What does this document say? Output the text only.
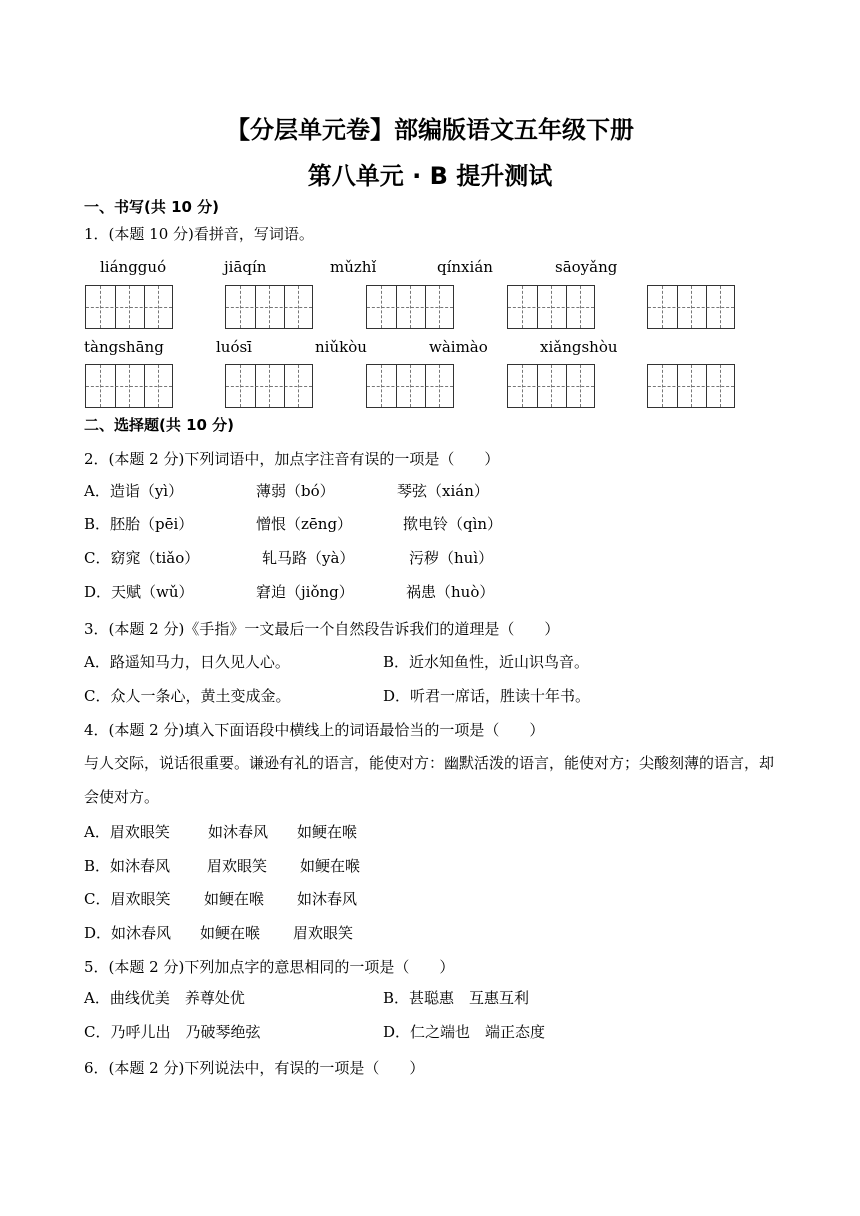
【分层单元卷】部编版语文五年级下册
第八单元 · B 提升测试
一、书写(共 10 分)
1．(本题 10 分)看拼音，写词语。
liángguó	jiāqín	mǔzhǐ	qínxián	sāoyǎng
tàngshāng	luósī	niǔkòu	wàimào	xiǎngshòu
二、选择题(共 10 分)
2．(本题 2 分)下列词语中，加点字注音有误的一项是（　　）
A．造诣（yì）	薄弱（bó）	琴弦（xián）
B．胚胎（pēi）	憎恨（zēng）	揿电铃（qìn）
C．窈窕（tiǎo）	轧马路（yà）	污秽（huì）
D．天赋（wǔ）	窘迫（jiǒng）	祸患（huò）
3．(本题 2 分)《手指》一文最后一个自然段告诉我们的道理是（　　）
A．路遥知马力，日久见人心。	B．近水知鱼性，近山识鸟音。
C．众人一条心，黄土变成金。	D．听君一席话，胜读十年书。
4．(本题 2 分)填入下面语段中横线上的词语最恰当的一项是（　　）
与人交际，说话很重要。谦逊有礼的语言，能使对方：幽默活泼的语言，能使对方；尖酸刻薄的语言，却会使对方。
A．眉欢眼笑	如沐春风 如鲠在喉
B．如沐春风 眉欢眼笑 如鲠在喉
C．眉欢眼笑 如鲠在喉 如沐春风
D．如沐春风 如鲠在喉 眉欢眼笑
5．(本题 2 分)下列加点字的意思相同的一项是（　　）
A．曲线优美　养尊处优	B．甚聪惠　互惠互利
C．乃呼儿出　乃破琴绝弦	D．仁之端也　端正态度
6．(本题 2 分)下列说法中，有误的一项是（　　）
